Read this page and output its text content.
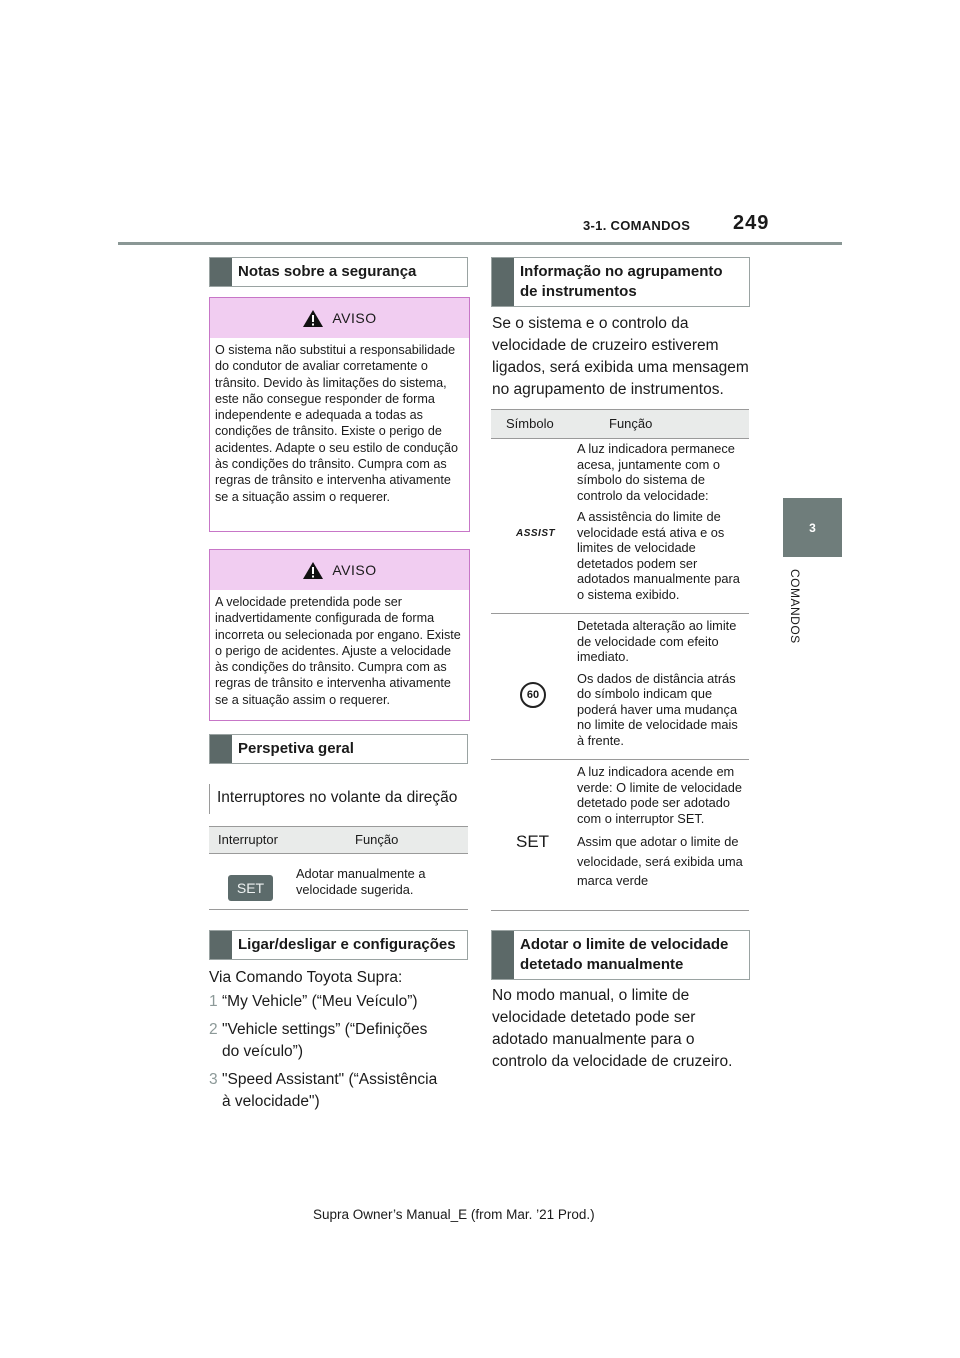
3-1. COMANDOS 249
3
COMANDOS
Notas sobre a segurança
AVISO
O sistema não substitui a responsabilidade do condutor de avaliar corretamente o trânsito. Devido às limitações do sistema, este não consegue responder de forma independente e adequada a todas as condições de trânsito. Existe o perigo de acidentes. Adapte o seu estilo de condução às condições do trânsito. Cumpra com as regras de trânsito e intervenha ativamente se a situação assim o requerer.
AVISO
A velocidade pretendida pode ser inadvertidamente configurada de forma incorreta ou selecionada por engano. Existe o perigo de acidentes. Ajuste a velocidade às condições do trânsito. Cumpra com as regras de trânsito e intervenha ativamente se a situação assim o requerer.
Perspetiva geral
Interruptores no volante da direção
Interruptor	Função
SET
Adotar manualmente a velocidade sugerida.
Ligar/desligar e configurações
Via Comando Toyota Supra:
1 “My Vehicle” (“Meu Veículo”)
2 "Vehicle settings” (“Definições
do veículo”)
3 "Speed Assistant" (“Assistência
à velocidade")
Informação no agrupamento de instrumentos
Se o sistema e o controlo da velocidade de cruzeiro estiverem ligados, será exibida uma mensagem no agrupamento de instrumentos.
Símbolo	Função
ASSIST

A luz indicadora permanece acesa, juntamente com o símbolo do sistema de controlo da velocidade:

A assistência do limite de velocidade está ativa e os limites de velocidade detetados podem ser adotados manualmente para o sistema exibido.

60

Detetada alteração ao limite de velocidade com efeito imediato.

Os dados de distância atrás do símbolo indicam que poderá haver uma mudança no limite de velocidade mais à frente.

SET

A luz indicadora acende em verde: O limite de velocidade detetado pode ser adotado com o interruptor SET.

Assim que adotar o limite de velocidade, será exibida uma marca verde

Adotar o limite de velocidade detetado manualmente
No modo manual, o limite de velocidade detetado pode ser adotado manualmente para o controlo da velocidade de cruzeiro.
Supra Owner’s Manual_E (from Mar. ’21 Prod.)
